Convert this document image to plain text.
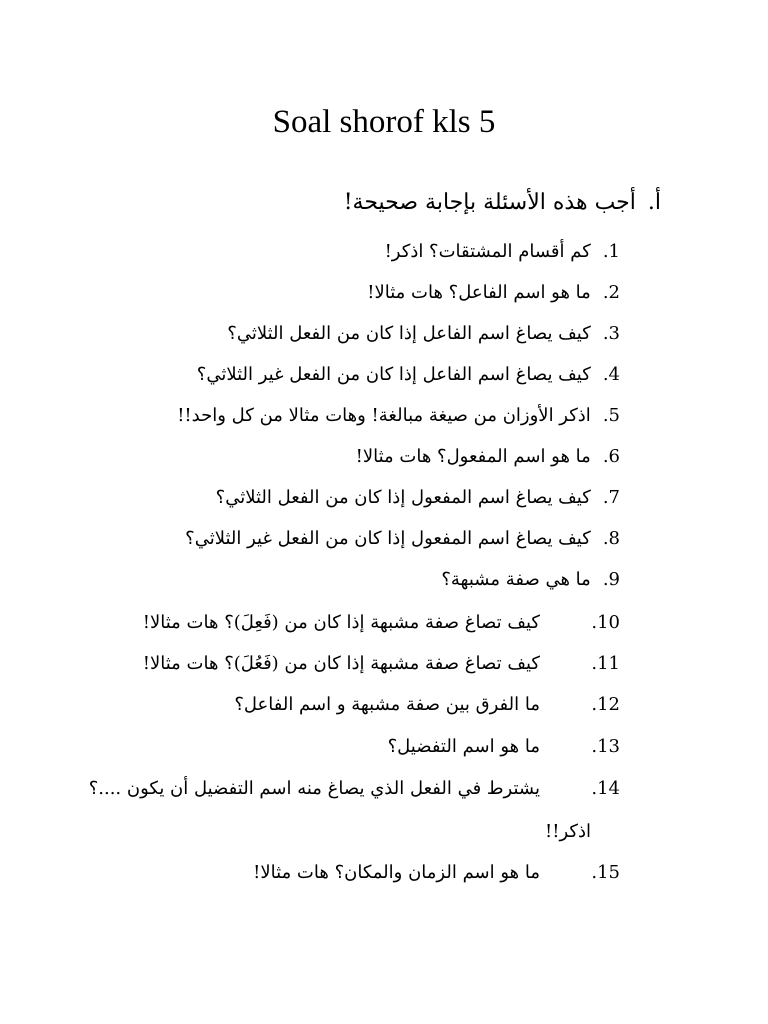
Soal shorof kls 5
أ.أجب هذه الأسئلة بإجابة صحيحة!
1.كم أقسام المشتقات؟ اذكر!
2.ما هو اسم الفاعل؟ هات مثالا!
3.كيف يصاغ اسم الفاعل إذا كان من الفعل الثلاثي؟
4.كيف يصاغ اسم الفاعل إذا كان من الفعل غير الثلاثي؟
5.اذكر الأوزان من صيغة مبالغة! وهات مثالا من كل واحد!!
6.ما هو اسم المفعول؟ هات مثالا!
7.كيف يصاغ اسم المفعول إذا كان من الفعل الثلاثي؟
8.كيف يصاغ اسم المفعول إذا كان من الفعل غير الثلاثي؟
9.ما هي صفة مشبهة؟
10.كيف تصاغ صفة مشبهة إذا كان من (فَعِلَ)؟ هات مثالا!
11.كيف تصاغ صفة مشبهة إذا كان من (فَعُلَ)؟ هات مثالا!
12.ما الفرق بين صفة مشبهة و اسم الفاعل؟
13.ما هو اسم التفضيل؟
14.يشترط في الفعل الذي يصاغ منه اسم التفضيل أن يكون ....؟
اذكر!!
15.ما هو اسم الزمان والمكان؟ هات مثالا!
